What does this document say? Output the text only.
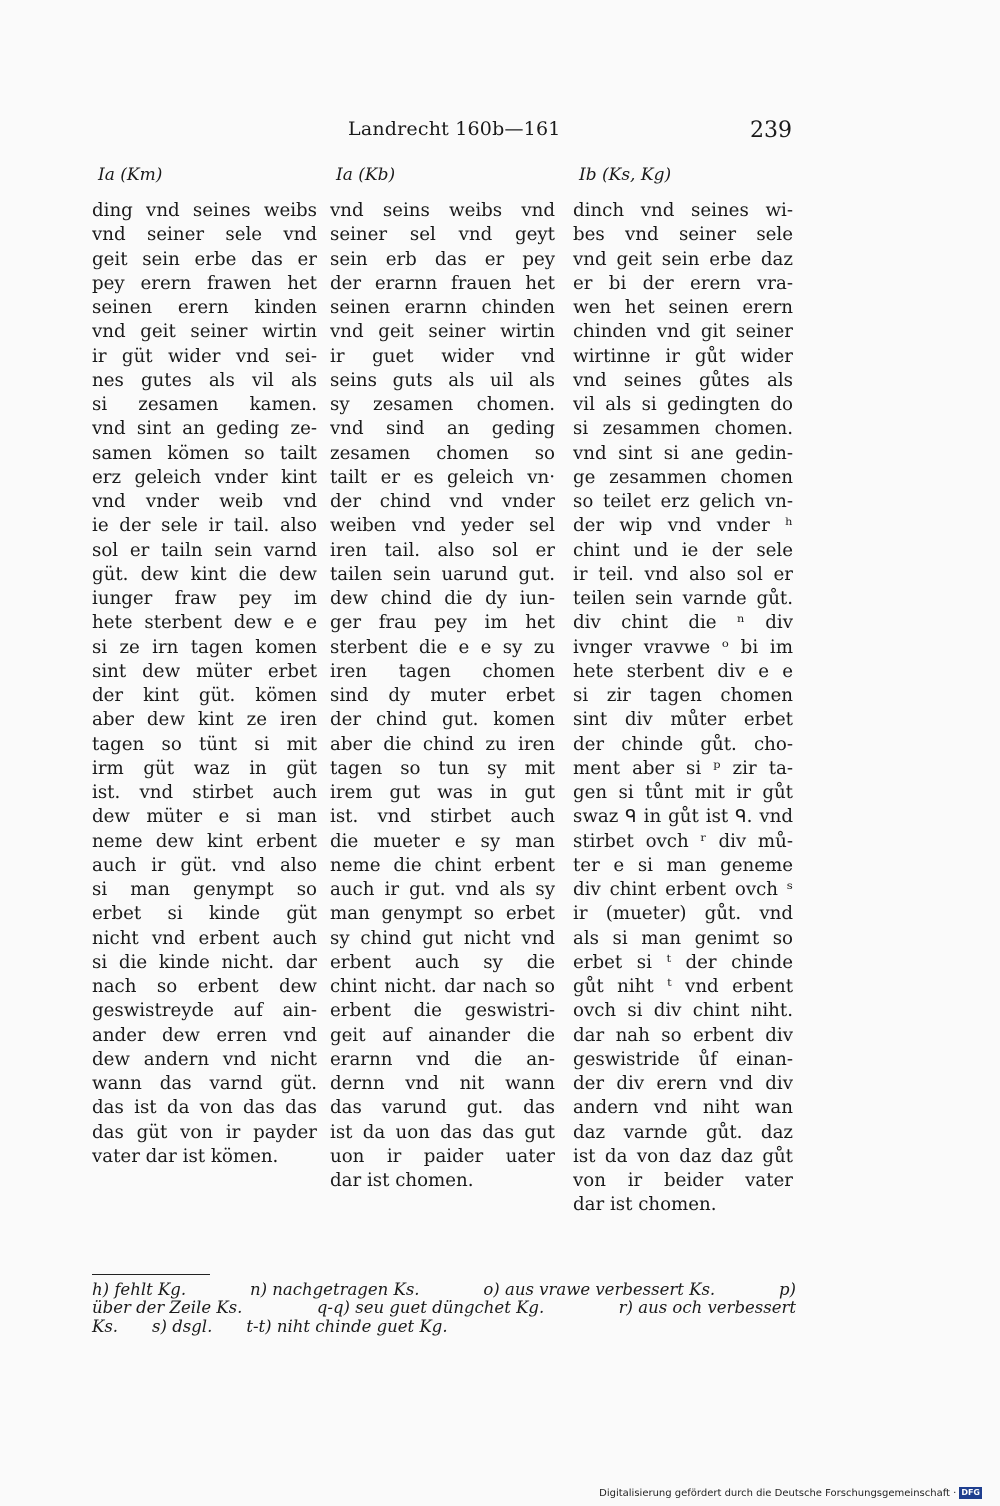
Landrecht 160b—161	239
Ia (Km)
ding vnd seines weibs
vnd seiner sele vnd
geit sein erbe das er
pey erern frawen het
seinen erern kinden
vnd geit seiner wirtin
ir güt wider vnd sei-
nes gutes als vil als
si zesamen kamen.
vnd sint an geding ze-
samen kömen so tailt
erz geleich vnder kint
vnd vnder weib vnd
ie der sele ir tail. also
sol er tailn sein varnd
güt. dew kint die dew
iunger fraw pey im
hete sterbent dew e e
si ze irn tagen komen
sint dew müter erbet
der kint güt. kömen
aber dew kint ze iren
tagen so tünt si mit
irm güt waz in güt
ist. vnd stirbet auch
dew müter e si man
neme dew kint erbent
auch ir güt. vnd also
si man genympt so
erbet si kinde güt
nicht vnd erbent auch
si die kinde nicht. dar
nach so erbent dew
geswistreyde auf ain-
ander dew erren vnd
dew andern vnd nicht
wann das varnd güt.
das ist da von das das
das güt von ir payder
vater dar ist kömen.
Ia (Kb)
vnd seins weibs vnd
seiner sel vnd geyt
sein erb das er pey
der erarnn frauen het
seinen erarnn chinden
vnd geit seiner wirtin
ir guet wider vnd
seins guts als uil als
sy zesamen chomen.
vnd sind an geding
zesamen chomen so
tailt er es geleich vn·
der chind vnd vnder
weiben vnd yeder sel
iren tail. also sol er
tailen sein uarund gut.
dew chind die dy iun-
ger frau pey im het
sterbent die e e sy zu
iren tagen chomen
sind dy muter erbet
der chind gut. komen
aber die chind zu iren
tagen so tun sy mit
irem gut was in gut
ist. vnd stirbet auch
die mueter e sy man
neme die chint erbent
auch ir gut. vnd als sy
man genympt so erbet
sy chind gut nicht vnd
erbent auch sy die
chint nicht. dar nach so
erbent die geswistri-
geit auf ainander die
erarnn vnd die an-
dernn vnd nit wann
das varund gut. das
ist da uon das das gut
uon ir paider uater
dar ist chomen.
Ib (Ks, Kg)
dinch vnd seines wi-
bes vnd seiner sele
vnd geit sein erbe daz
er bi der erern vra-
wen het seinen erern
chinden vnd git seiner
wirtinne ir gůt wider
vnd seines gůtes als
vil als si gedingten do
si zesammen chomen.
vnd sint si ane gedin-
ge zesammen chomen
so teilet erz gelich vn-
der wip vnd vnder ʰ
chint und ie der sele
ir teil. vnd also sol er
teilen sein varnde gůt.
div chint die ⁿ div
ivnger vravwe ᵒ bi im
hete sterbent div e e
si zir tagen chomen
sint div můter erbet
der chinde gůt. cho-
ment aber si ᵖ zir ta-
gen si tůnt mit ir gůt
swaz ᑫ in gůt ist ᑫ. vnd
stirbet ovch ʳ div mů-
ter e si man geneme
div chint erbent ovch ˢ
ir (mueter) gůt. vnd
als si man genimt so
erbet si ᵗ der chinde
gůt niht ᵗ vnd erbent
ovch si div chint niht.
dar nah so erbent div
geswistride ůf einan-
der div erern vnd div
andern vnd niht wan
daz varnde gůt. daz
ist da von daz daz gůt
von ir beider vater
dar ist chomen.
h) fehlt Kg.	n) nachgetragen Ks.	o) aus vrawe verbessert Ks.	p)
über der Zeile Ks.	q-q) seu guet düngchet Kg.	r) aus och verbessert
Ks. s) dsgl. t-t) niht chinde guet Kg.
Digitalisierung gefördert durch die Deutsche Forschungsgemeinschaft · DFG
